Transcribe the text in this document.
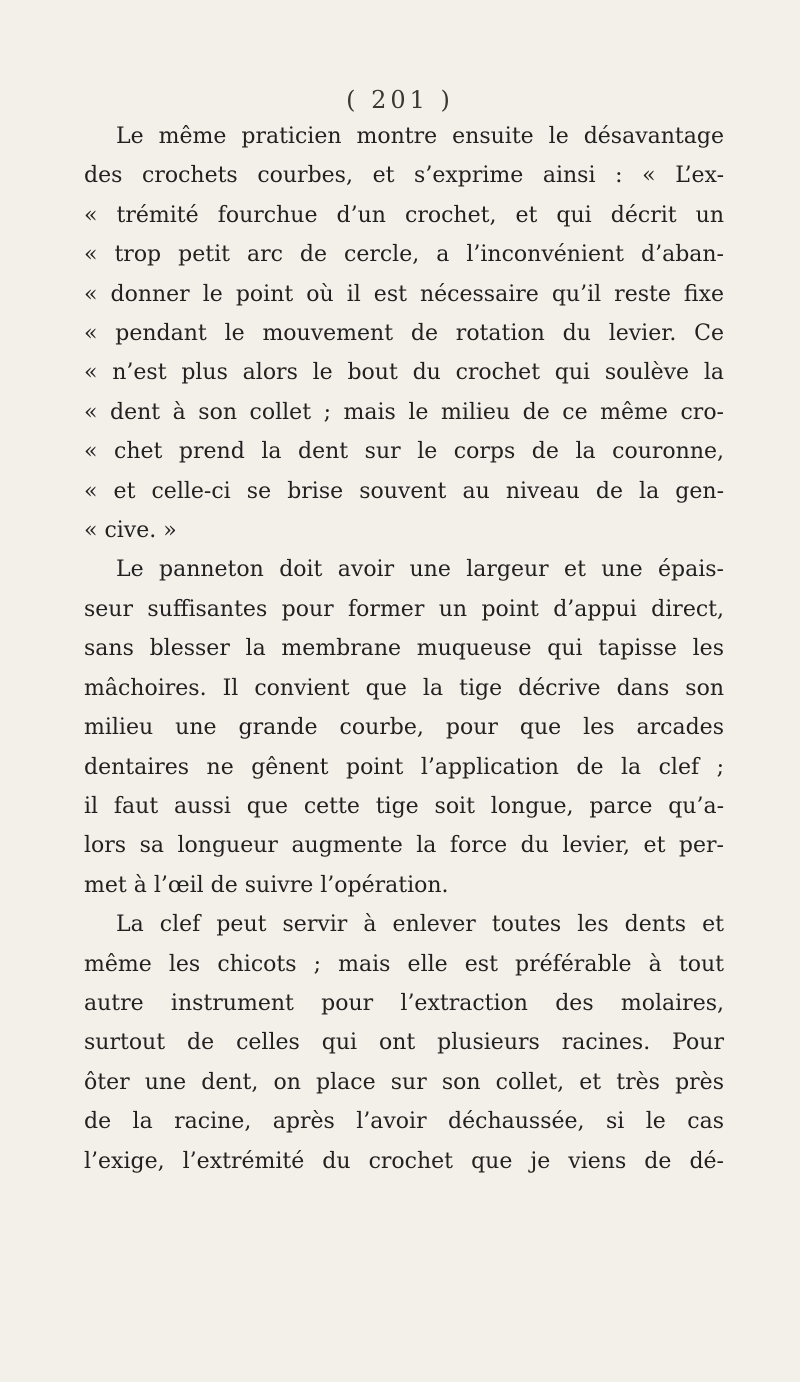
( 201 )
Le même praticien montre ensuite le désavantage
des crochets courbes, et s’exprime ainsi : « L’ex-
« trémité fourchue d’un crochet, et qui décrit un
« trop petit arc de cercle, a l’inconvénient d’aban-
« donner le point où il est nécessaire qu’il reste fixe
« pendant le mouvement de rotation du levier. Ce
« n’est plus alors le bout du crochet qui soulève la
« dent à son collet ; mais le milieu de ce même cro-
« chet prend la dent sur le corps de la couronne,
« et celle-ci se brise souvent au niveau de la gen-
« cive. »
Le panneton doit avoir une largeur et une épais-
seur suffisantes pour former un point d’appui direct,
sans blesser la membrane muqueuse qui tapisse les
mâchoires. Il convient que la tige décrive dans son
milieu une grande courbe, pour que les arcades
dentaires ne gênent point l’application de la clef ;
il faut aussi que cette tige soit longue, parce qu’a-
lors sa longueur augmente la force du levier, et per-
met à l’œil de suivre l’opération.
La clef peut servir à enlever toutes les dents et
même les chicots ; mais elle est préférable à tout
autre instrument pour l’extraction des molaires,
surtout de celles qui ont plusieurs racines. Pour
ôter une dent, on place sur son collet, et très près
de la racine, après l’avoir déchaussée, si le cas
l’exige, l’extrémité du crochet que je viens de dé-
